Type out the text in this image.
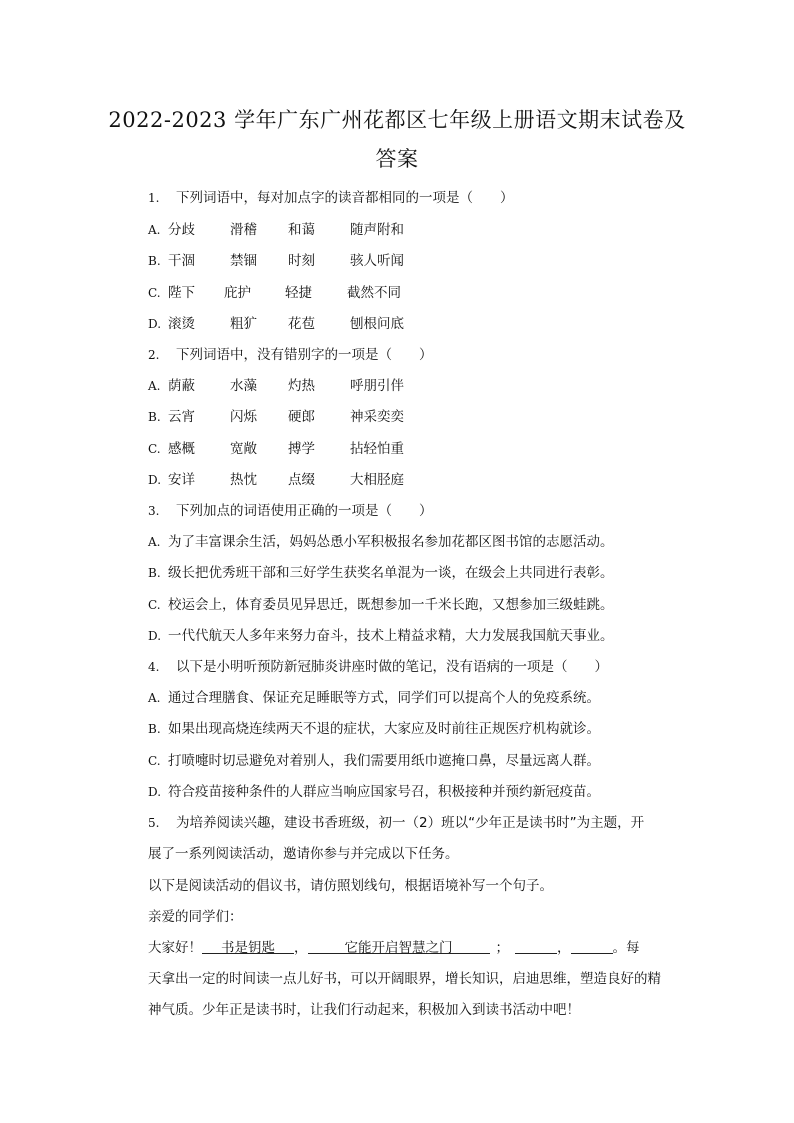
2022-2023 学年广东广州花都区七年级上册语文期末试卷及
答案
1. 下列词语中，每对加点字的读音都相同的一项是（　　）
A. 分歧	滑稽 和蔼	随声附和
B. 干涸	禁锢 时刻	骇人听闻
C. 陛下 庇护	轻捷	截然不同
D. 滚烫	粗犷 花苞	刨根问底
2. 下列词语中，没有错别字的一项是（　　）
A. 荫蔽	水藻 灼热	呼朋引伴
B. 云宵	闪烁 硬郎	神采奕奕
C. 感概	宽敞 搏学	拈轻怕重
D. 安详	热忱 点缀	大相胫庭
3. 下列加点的词语使用正确的一项是（　　）
A. 为了丰富课余生活，妈妈怂恿小军积极报名参加花都区图书馆的志愿活动。
B. 级长把优秀班干部和三好学生获奖名单混为一谈，在级会上共同进行表彰。
C. 校运会上，体育委员见异思迁，既想参加一千米长跑，又想参加三级蛙跳。
D. 一代代航天人多年来努力奋斗，技术上精益求精，大力发展我国航天事业。
4. 以下是小明听预防新冠肺炎讲座时做的笔记，没有语病的一项是（　　）
A. 通过合理膳食、保证充足睡眠等方式，同学们可以提高个人的免疫系统。
B. 如果出现高烧连续两天不退的症状，大家应及时前往正规医疗机构就诊。
C. 打喷嚏时切忌避免对着别人，我们需要用纸巾遮掩口鼻，尽量远离人群。
D. 符合疫苗接种条件的人群应当响应国家号召，积极接种并预约新冠疫苗。
5. 为培养阅读兴趣，建设书香班级，初一（2）班以“少年正是读书时”为主题，开
展了一系列阅读活动，邀请你参与并完成以下任务。
以下是阅读活动的倡议书，请仿照划线句，根据语境补写一个句子。
亲爱的同学们：
大家好！ 书是钥匙 ，	它能开启智慧之门	；	，	。每
天拿出一定的时间读一点儿好书，可以开阔眼界，增长知识，启迪思维，塑造良好的精
神气质。少年正是读书时，让我们行动起来，积极加入到读书活动中吧！
